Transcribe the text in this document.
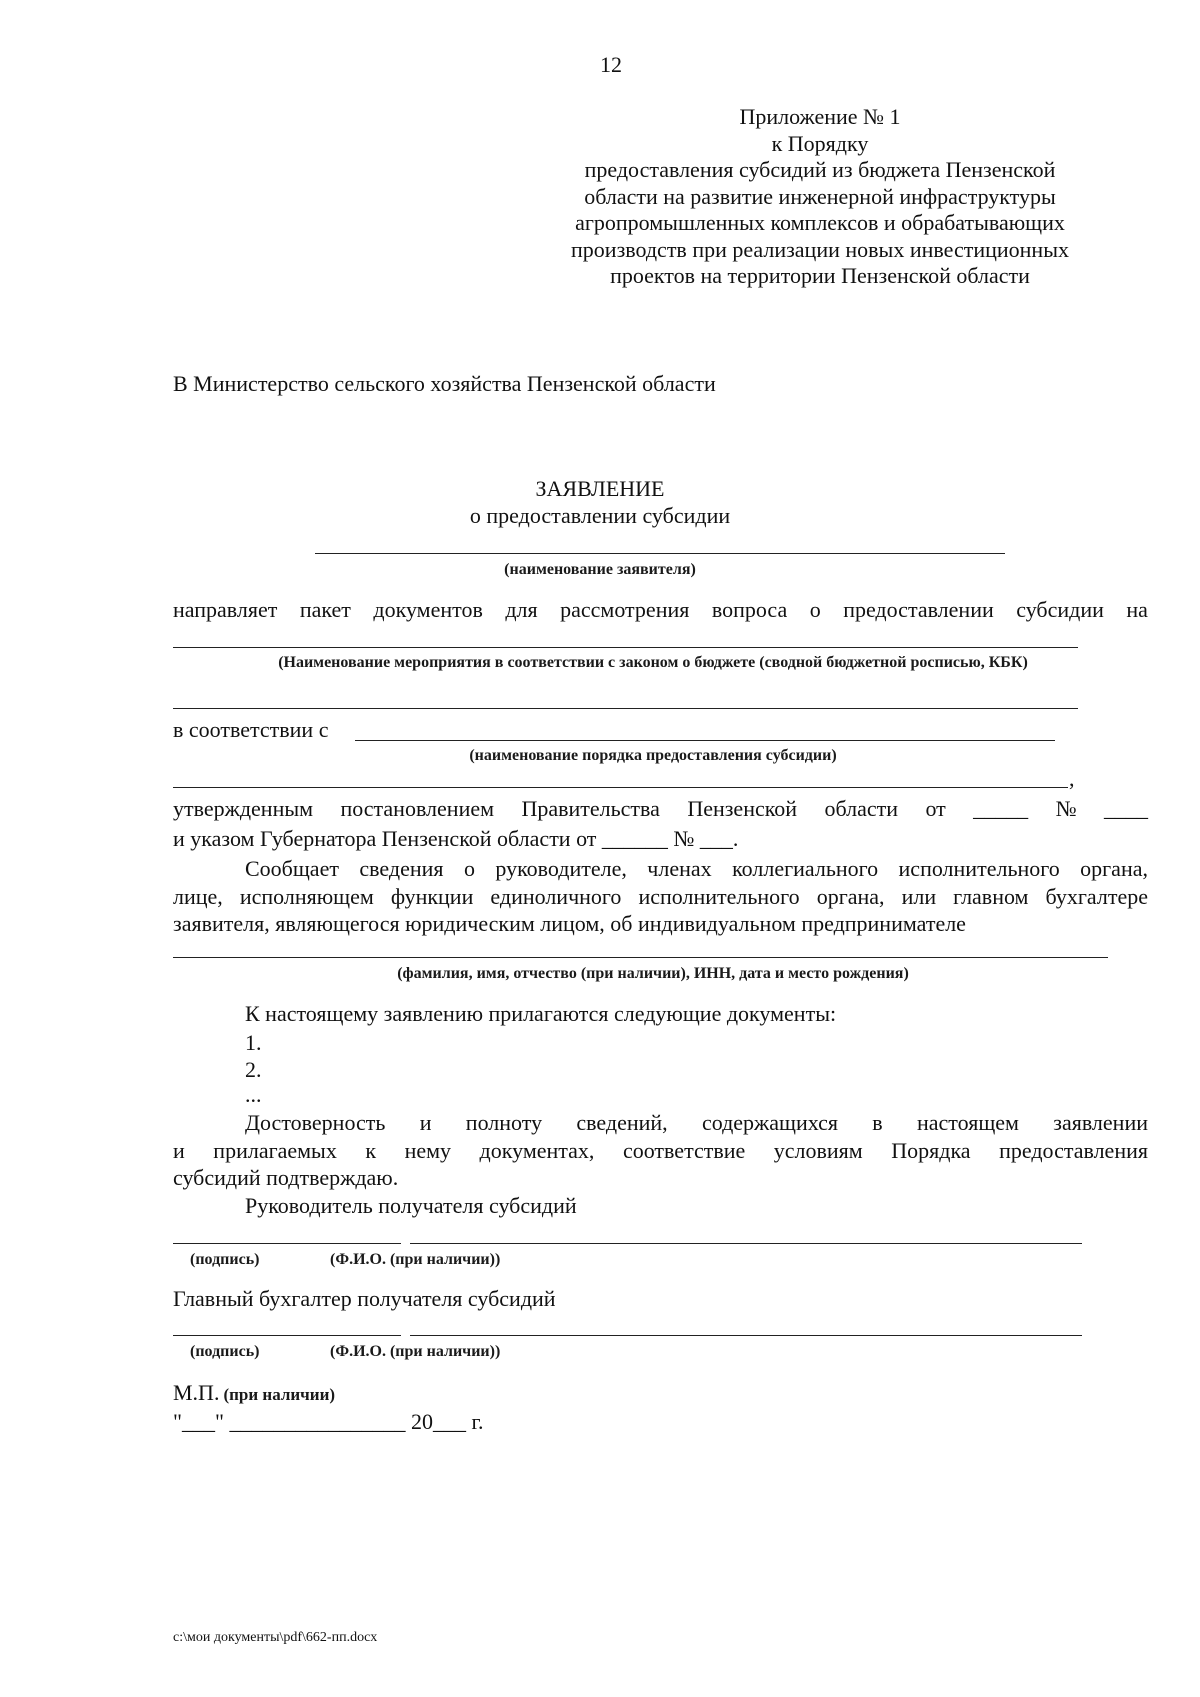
12
Приложение № 1
к Порядку
предоставления субсидий из бюджета Пензенской
области на развитие инженерной инфраструктуры
агропромышленных комплексов и обрабатывающих
производств при реализации новых инвестиционных
проектов на территории Пензенской области
В Министерство сельского хозяйства Пензенской области
ЗАЯВЛЕНИЕ
о предоставлении субсидии
(наименование заявителя)
направляет пакет документов для рассмотрения вопроса о предоставлении субсидии на
(Наименование мероприятия в соответствии с законом о бюджете (сводной бюджетной росписью, КБК)
в соответствии с
(наименование порядка предоставления субсидии)
,
утвержденным постановлением Правительства Пензенской области от _____ № ____
и указом Губернатора Пензенской области от ______ № ___.
Сообщает сведения о руководителе, членах коллегиального исполнительного органа,
лице, исполняющем функции единоличного исполнительного органа, или главном бухгалтере
заявителя, являющегося юридическим лицом, об индивидуальном предпринимателе
(фамилия, имя, отчество (при наличии), ИНН, дата и место рождения)
К настоящему заявлению прилагаются следующие документы:
1.
2.
...
Достоверность и полноту сведений, содержащихся в настоящем заявлении
и прилагаемых к нему документах, соответствие условиям Порядка предоставления
субсидий подтверждаю.
Руководитель получателя субсидий
(подпись)	(Ф.И.О. (при наличии))
Главный бухгалтер получателя субсидий
(подпись)	(Ф.И.О. (при наличии))
М.П. (при наличии)
"___" ________________ 20___ г.
c:\мои документы\pdf\662-пп.docx
